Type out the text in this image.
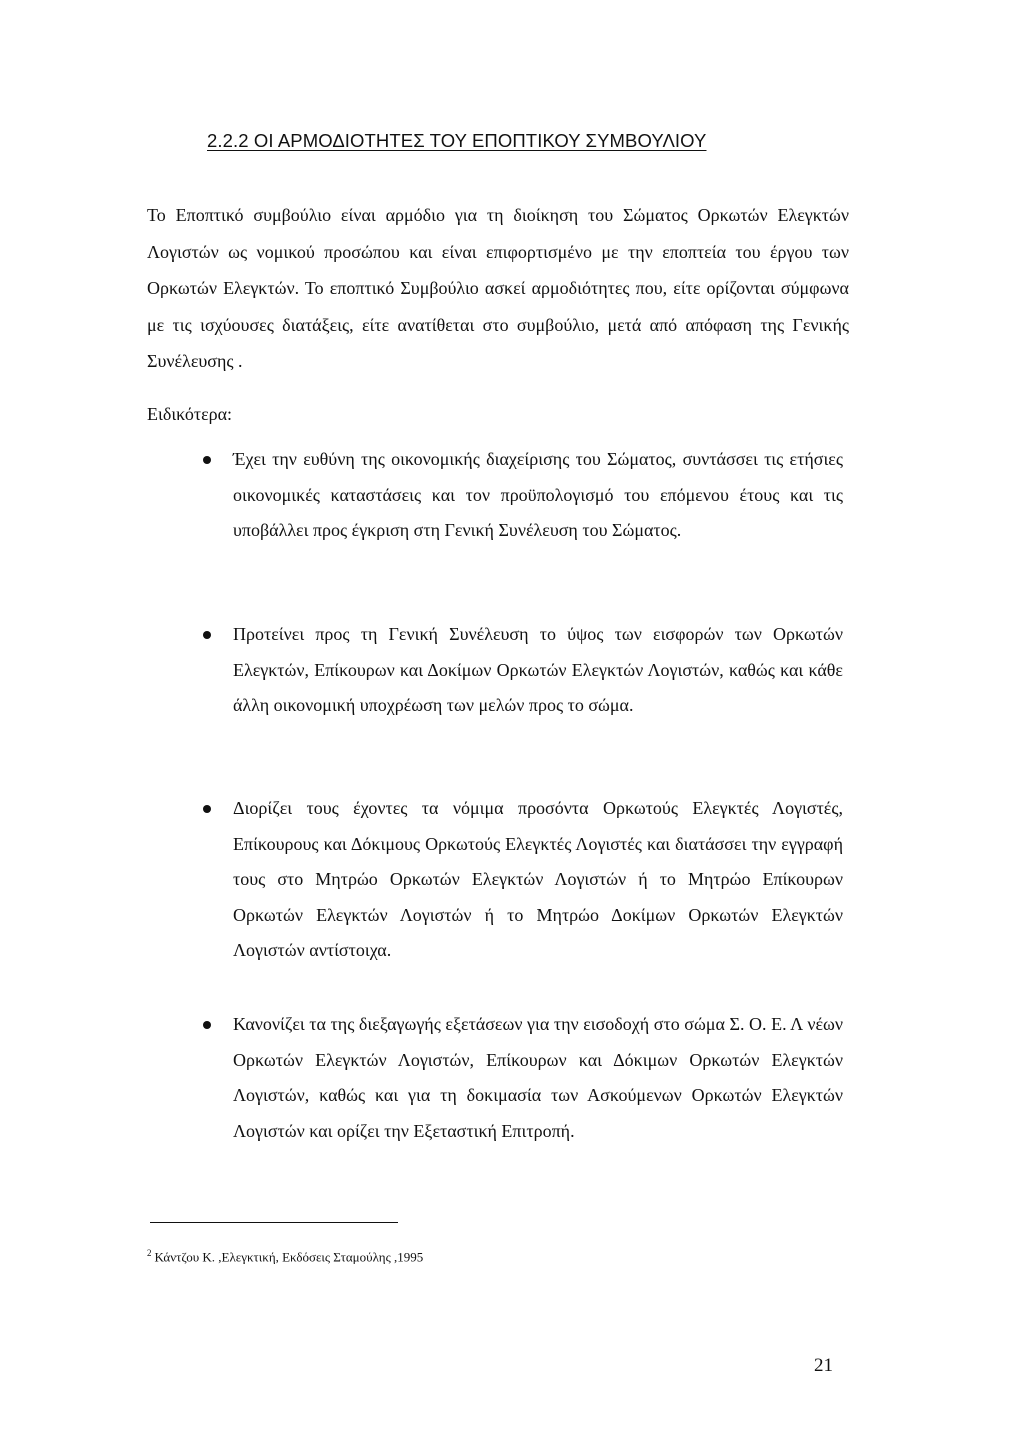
2.2.2 ΟΙ ΑΡΜΟΔΙΟΤΗΤΕΣ ΤΟΥ ΕΠΟΠΤΙΚΟΥ ΣΥΜΒΟΥΛΙΟΥ

Το Εποπτικό συμβούλιο είναι αρμόδιο για τη διοίκηση του Σώματος Ορκωτών Ελεγκτών Λογιστών ως νομικού προσώπου και είναι επιφορτισμένο με την εποπτεία του έργου των Ορκωτών Ελεγκτών. Το εποπτικό Συμβούλιο ασκεί αρμοδιότητες που, είτε ορίζονται σύμφωνα με τις ισχύουσες διατάξεις, είτε ανατίθεται στο συμβούλιο, μετά από απόφαση της Γενικής Συνέλευσης .

Ειδικότερα:

Έχει την ευθύνη της οικονομικής διαχείρισης του Σώματος, συντάσσει τις ετήσιες οικονομικές καταστάσεις και τον προϋπολογισμό του επόμενου έτους και τις υποβάλλει προς έγκριση στη Γενική Συνέλευση του Σώματος.

Προτείνει προς τη Γενική Συνέλευση το ύψος των εισφορών των Ορκωτών Ελεγκτών, Επίκουρων και Δοκίμων Ορκωτών Ελεγκτών Λογιστών, καθώς και κάθε άλλη οικονομική υποχρέωση των μελών προς το σώμα.

Διορίζει τους έχοντες τα νόμιμα προσόντα Ορκωτούς Ελεγκτές Λογιστές, Επίκουρους και Δόκιμους Ορκωτούς Ελεγκτές Λογιστές και διατάσσει την εγγραφή τους στο Μητρώο Ορκωτών Ελεγκτών Λογιστών ή το Μητρώο Επίκουρων Ορκωτών Ελεγκτών Λογιστών ή το Μητρώο Δοκίμων Ορκωτών Ελεγκτών Λογιστών αντίστοιχα.

Κανονίζει τα της διεξαγωγής εξετάσεων για την εισοδοχή στο σώμα Σ. Ο. Ε. Λ νέων Ορκωτών Ελεγκτών Λογιστών, Επίκουρων και Δόκιμων Ορκωτών Ελεγκτών Λογιστών, καθώς και για τη δοκιμασία των Ασκούμενων Ορκωτών Ελεγκτών Λογιστών και ορίζει την Εξεταστική Επιτροπή.

$^2$ Κάντζου Κ. ,Ελεγκτική, Εκδόσεις Σταμούλης ,1995
21
